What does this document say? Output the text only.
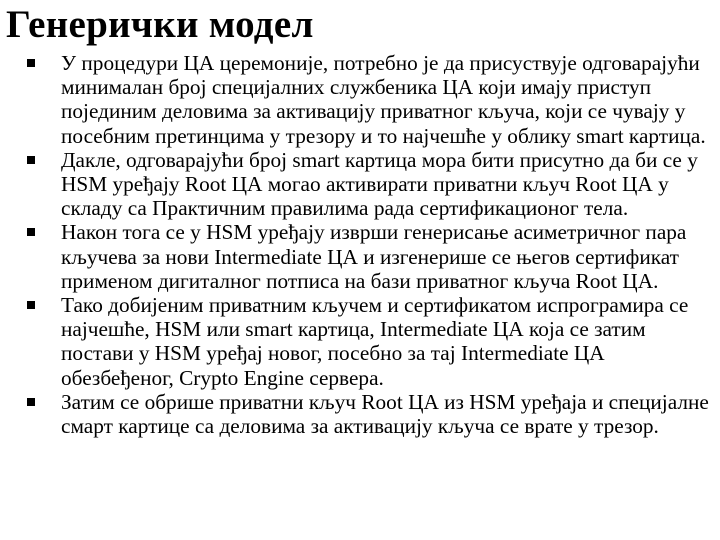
Генерички модел
У процедури ЦА церемоније, потребно је да присуствује одговарајући минималан број специјалних службеника ЦА који имају приступ појединим деловима за активацију приватног кључа, који се чувају у посебним претинцима у трезору и то најчешће у облику smart картица.
Дакле, одговарајући број smart картица мора бити присутно да би се у HSM уређају Root ЦА могао активирати приватни кључ Root ЦА у складу са Практичним правилима рада сертификационог тела.
Након тога се у HSM уређају изврши генерисање асиметричног пара кључева за нови Intermediate ЦА и изгенерише се његов сертификат применом дигиталног потписа на бази приватног кључа Root ЦА.
Тако добијеним приватним кључем и сертификатом испрограмира се најчешће, HSM или smart картица, Intermediate ЦА која се затим постави у HSM уређај новог, посебно за тај Intermediate ЦА обезбеђеног, Crypto Engine сервера.
Затим се обрише приватни кључ Root ЦА из HSM уређаја и специјалне смарт картице са деловима за активацију кључа се врате у трезор.
